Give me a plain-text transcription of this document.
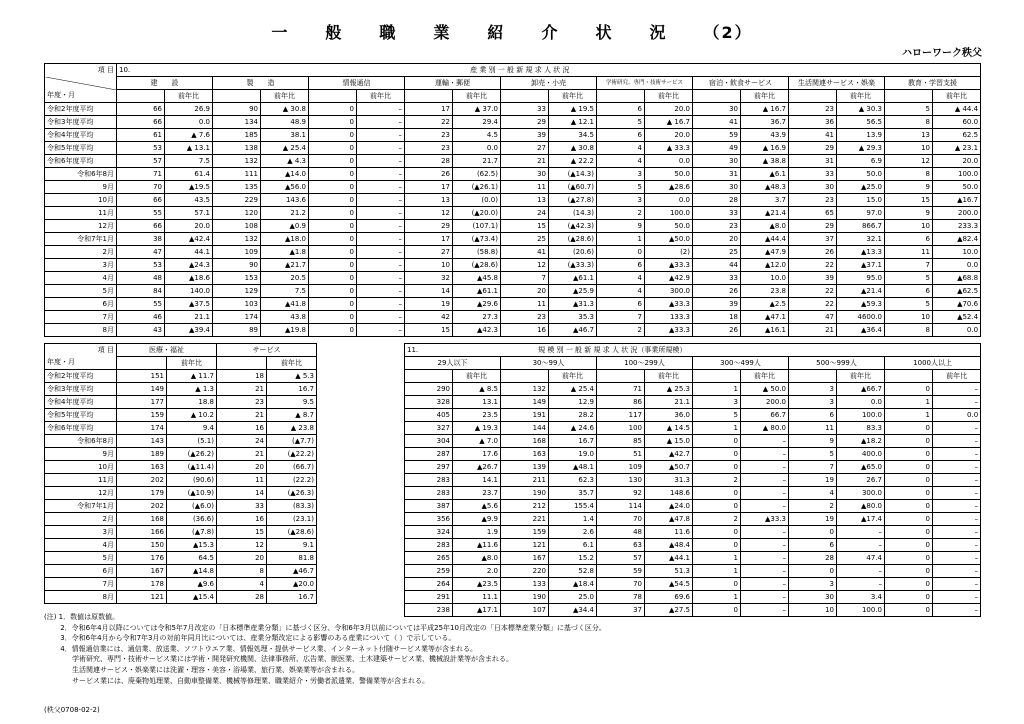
一 般 職 業 紹 介 状 況 （2）
ハローワーク秩父
項 目	10. 産 業 別 一 般 新 規 求 人 状 況																	
	建　　設		製　　造		情報通信		運輸・郵便		卸売・小売		学術研究、専門・技術サービス		宿泊・飲食サービス		生活関連サービス・娯楽		教育・学習支援	
年度・月		前年比		前年比		前年比		前年比		前年比		前年比		前年比		前年比		前年比
令和2年度平均	66	26.9	90	▲ 30.8	0	–	17	▲ 37.0	33	▲ 19.5	6	20.0	30	▲ 16.7	23	▲ 30.3	5	▲ 44.4
令和3年度平均	66	0.0	134	48.9	0	–	22	29.4	29	▲ 12.1	5	▲ 16.7	41	36.7	36	56.5	8	60.0
令和4年度平均	61	▲ 7.6	185	38.1	0	–	23	4.5	39	34.5	6	20.0	59	43.9	41	13.9	13	62.5
令和5年度平均	53	▲ 13.1	138	▲ 25.4	0	–	23	0.0	27	▲ 30.8	4	▲ 33.3	49	▲ 16.9	29	▲ 29.3	10	▲ 23.1
令和6年度平均	57	7.5	132	▲ 4.3	0	–	28	21.7	21	▲ 22.2	4	0.0	30	▲ 38.8	31	6.9	12	20.0
令和6年8月	71	61.4	111	▲14.0	0	–	26	(62.5)	30	(▲14.3)	3	50.0	31	▲6.1	33	50.0	8	100.0
9月	70	▲19.5	135	▲56.0	0	–	17	(▲26.1)	11	(▲60.7)	5	▲28.6	30	▲48.3	30	▲25.0	9	50.0
10月	66	43.5	229	143.6	0	–	13	(0.0)	13	(▲27.8)	3	0.0	28	3.7	23	15.0	15	▲16.7
11月	55	57.1	120	21.2	0	–	12	(▲20.0)	24	(14.3)	2	100.0	33	▲21.4	65	97.0	9	200.0
12月	66	20.0	108	▲0.9	0	–	29	(107.1)	15	(▲42.3)	9	50.0	23	▲8.0	29	866.7	10	233.3
令和7年1月	38	▲42.4	132	▲18.0	0	–	17	(▲73.4)	25	(▲28.6)	1	▲50.0	20	▲44.4	37	32.1	6	▲82.4
2月	47	44.1	109	▲1.8	0	–	27	(58.8)	41	(20.6)	0	(2)	25	▲47.9	26	▲13.3	11	10.0
3月	53	▲24.3	90	▲21.7	0	–	10	(▲28.6)	12	(▲33.3)	6	▲33.3	44	▲12.0	22	▲37.1	7	0.0
4月	48	▲18.6	153	20.5	0	–	32	▲45.8	7	▲61.1	4	▲42.9	33	10.0	39	95.0	5	▲68.8
5月	84	140.0	129	7.5	0	–	14	▲61.1	20	▲25.9	4	300.0	26	23.8	22	▲21.4	6	▲62.5
6月	55	▲37.5	103	▲41.8	0	–	19	▲29.6	11	▲31.3	6	▲33.3	39	▲2.5	22	▲59.3	5	▲70.6
7月	46	21.1	174	43.8	0	–	42	27.3	23	35.3	7	133.3	18	▲47.1	47	4600.0	10	▲52.4
8月	43	▲39.4	89	▲19.8	0	–	15	▲42.3	16	▲46.7	2	▲33.3	26	▲16.1	21	▲36.4	8	0.0
項 目	医療・福祉		サービス	
年度・月		前年比		前年比
令和2年度平均	151	▲ 11.7	18	▲ 5.3
令和3年度平均	149	▲ 1.3	21	16.7
令和4年度平均	177	18.8	23	9.5
令和5年度平均	159	▲ 10.2	21	▲ 8.7
令和6年度平均	174	9.4	16	▲ 23.8
令和6年8月	143	(5.1)	24	(▲7.7)
9月	189	(▲26.2)	21	(▲22.2)
10月	163	(▲11.4)	20	(66.7)
11月	202	(90.6)	11	(22.2)
12月	179	(▲10.9)	14	(▲26.3)
令和7年1月	202	(▲6.0)	33	(83.3)
2月	168	(36.6)	16	(23.1)
3月	166	(▲7.8)	15	(▲28.6)
4月	150	▲15.3	12	9.1
5月	176	64.5	20	81.8
6月	167	▲14.8	8	▲46.7
7月	178	▲9.6	4	▲20.0
8月	121	▲15.4	28	16.7
11. 規 模 別 一 般 新 規 求 人 状 況（事業所規模）											
29人以下		30～99人		100～299人		300～499人		500～999人		1000人以上	
	前年比		前年比		前年比		前年比		前年比		前年比
290	▲ 8.5	132	▲ 25.4	71	▲ 25.3	1	▲ 50.0	3	▲66.7	0	–
328	13.1	149	12.9	86	21.1	3	200.0	3	0.0	1	–
405	23.5	191	28.2	117	36.0	5	66.7	6	100.0	1	0.0
327	▲ 19.3	144	▲ 24.6	100	▲ 14.5	1	▲ 80.0	11	83.3	0	–
304	▲ 7.0	168	16.7	85	▲ 15.0	0	–	9	▲18.2	0	–
287	17.6	163	19.0	51	▲42.7	0	–	5	400.0	0	–
297	▲26.7	139	▲48.1	109	▲50.7	0	–	7	▲65.0	0	–
283	14.1	211	62.3	130	31.3	2	–	19	26.7	0	–
283	23.7	190	35.7	92	148.6	0	–	4	300.0	0	–
387	▲5.6	212	155.4	114	▲24.0	0	–	2	▲80.0	0	–
356	▲9.9	221	1.4	70	▲47.8	2	▲33.3	19	▲17.4	0	–
324	1.9	159	2.6	48	11.6	0	–	0	–	0	–
283	▲11.6	121	6.1	63	▲48.4	0	–	6	–	0	–
265	▲8.0	167	15.2	57	▲44.1	1	–	28	47.4	0	–
259	2.0	220	52.8	59	51.3	1	–	0	–	0	–
264	▲23.5	133	▲18.4	70	▲54.5	0	–	3	–	0	–
291	11.1	190	25.0	78	69.6	1	–	30	3.4	0	–
238	▲17.1	107	▲34.4	37	▲27.5	0	–	10	100.0	0	–
(注) 1．数値は原数値。
　　 2．令和6年4月以降については令和5年7月改定の「日本標準産業分類」に基づく区分、令和6年3月以前については平成25年10月改定の「日本標準産業分類」に基づく区分。
　　 3．令和6年4月から令和7年3月の対前年同月比については、産業分類改定による影響のある産業について（ ）で示している。
　　 4．情報通信業には、通信業、放送業、ソフトウエア業、情報処理・提供サービス業、インターネット付随サービス業等が含まれる。
　　　　学術研究、専門・技術サービス業には学術・開発研究機関、法律事務所、広告業、獣医業、土木建築サービス業、機械設計業等が含まれる。
　　　　生活関連サービス・娯楽業には洗濯・理容・美容・浴場業、旅行業、娯楽業等が含まれる。
　　　　サービス業には、廃棄物処理業、自動車整備業、機械等修理業、職業紹介・労働者派遣業、警備業等が含まれる。
(秩父0708-02-2)
